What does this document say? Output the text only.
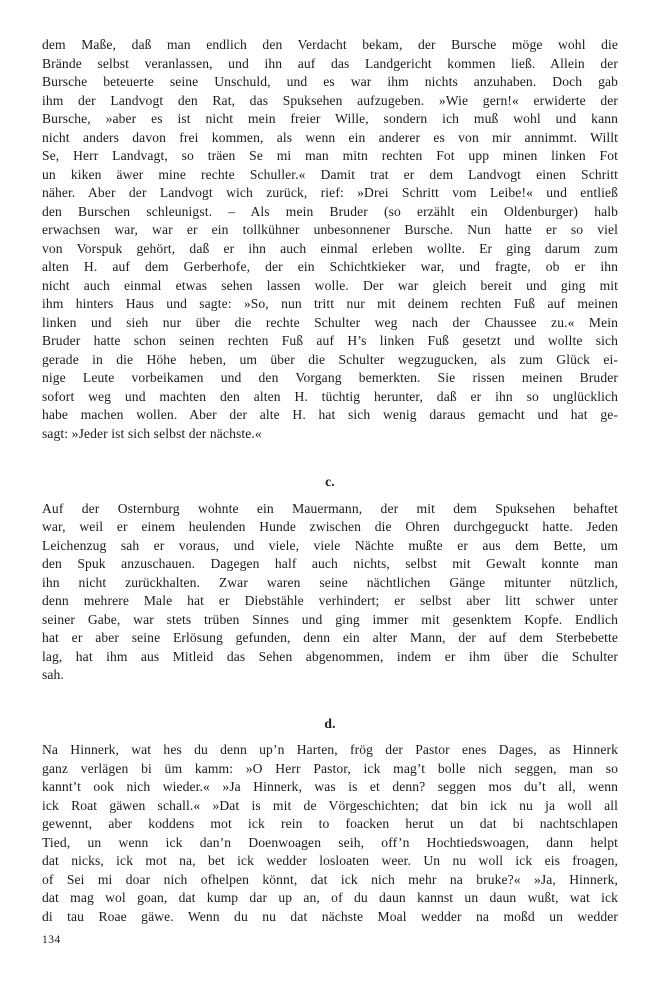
dem Maße, daß man endlich den Verdacht bekam, der Bursche möge wohl die
Brände selbst veranlassen, und ihn auf das Landgericht kommen ließ. Allein der
Bursche beteuerte seine Unschuld, und es war ihm nichts anzuhaben. Doch gab
ihm der Landvogt den Rat, das Spuksehen aufzugeben. »Wie gern!« erwiderte der
Bursche, »aber es ist nicht mein freier Wille, sondern ich muß wohl und kann
nicht anders davon frei kommen, als wenn ein anderer es von mir annimmt. Willt
Se, Herr Landvagt, so träen Se mi man mitn rechten Fot upp minen linken Fot
un kiken äwer mine rechte Schuller.« Damit trat er dem Landvogt einen Schritt
näher. Aber der Landvogt wich zurück, rief: »Drei Schritt vom Leibe!« und entließ
den Burschen schleunigst. – Als mein Bruder (so erzählt ein Oldenburger) halb
erwachsen war, war er ein tollkühner unbesonnener Bursche. Nun hatte er so viel
von Vorspuk gehört, daß er ihn auch einmal erleben wollte. Er ging darum zum
alten H. auf dem Gerberhofe, der ein Schichtkieker war, und fragte, ob er ihn
nicht auch einmal etwas sehen lassen wolle. Der war gleich bereit und ging mit
ihm hinters Haus und sagte: »So, nun tritt nur mit deinem rechten Fuß auf meinen
linken und sieh nur über die rechte Schulter weg nach der Chaussee zu.« Mein
Bruder hatte schon seinen rechten Fuß auf H’s linken Fuß gesetzt und wollte sich
gerade in die Höhe heben, um über die Schulter wegzugucken, als zum Glück ei-
nige Leute vorbeikamen und den Vorgang bemerkten. Sie rissen meinen Bruder
sofort weg und machten den alten H. tüchtig herunter, daß er ihn so unglücklich
habe machen wollen. Aber der alte H. hat sich wenig daraus gemacht und hat ge-
sagt: »Jeder ist sich selbst der nächste.«
c.
Auf der Osternburg wohnte ein Mauermann, der mit dem Spuksehen behaftet
war, weil er einem heulenden Hunde zwischen die Ohren durchgeguckt hatte. Jeden
Leichenzug sah er voraus, und viele, viele Nächte mußte er aus dem Bette, um
den Spuk anzuschauen. Dagegen half auch nichts, selbst mit Gewalt konnte man
ihn nicht zurückhalten. Zwar waren seine nächtlichen Gänge mitunter nützlich,
denn mehrere Male hat er Diebstähle verhindert; er selbst aber litt schwer unter
seiner Gabe, war stets trüben Sinnes und ging immer mit gesenktem Kopfe. Endlich
hat er aber seine Erlösung gefunden, denn ein alter Mann, der auf dem Sterbebette
lag, hat ihm aus Mitleid das Sehen abgenommen, indem er ihm über die Schulter
sah.
d.
Na Hinnerk, wat hes du denn up’n Harten, frög der Pastor enes Dages, as Hinnerk
ganz verlägen bi üm kamm: »O Herr Pastor, ick mag’t bolle nich seggen, man so
kannt’t ook nich wieder.« »Ja Hinnerk, was is et denn? seggen mos du’t all, wenn
ick Roat gäwen schall.« »Dat is mit de Vörgeschichten; dat bin ick nu ja woll all
gewennt, aber koddens mot ick rein to foacken herut un dat bi nachtschlapen
Tied, un wenn ick dan’n Doenwoagen seih, off’n Hochtiedswoagen, dann helpt
dat nicks, ick mot na, bet ick wedder losloaten weer. Un nu woll ick eis froagen,
of Sei mi doar nich ofhelpen könnt, dat ick nich mehr na bruke?« »Ja, Hinnerk,
dat mag wol goan, dat kump dar up an, of du daun kannst un daun wußt, wat ick
di tau Roae gäwe. Wenn du nu dat nächste Moal wedder na moßd un wedder
134
